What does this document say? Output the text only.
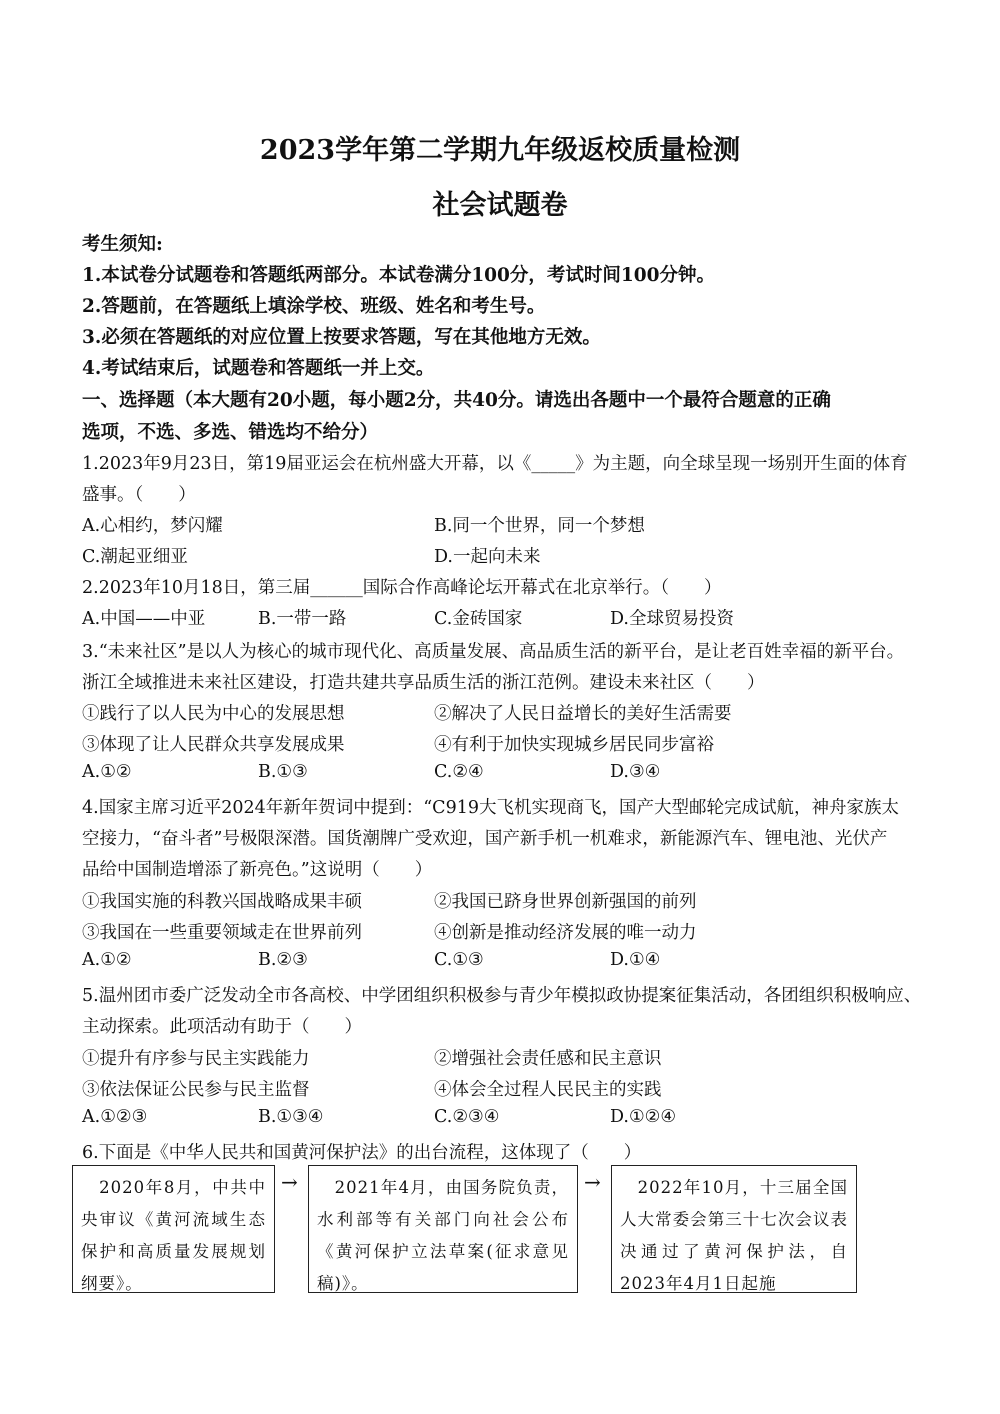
2023学年第二学期九年级返校质量检测
社会试题卷
考生须知:
1.本试卷分试题卷和答题纸两部分。本试卷满分100分，考试时间100分钟。
2.答题前，在答题纸上填涂学校、班级、姓名和考生号。
3.必须在答题纸的对应位置上按要求答题，写在其他地方无效。
4.考试结束后，试题卷和答题纸一并上交。
一、选择题（本大题有20小题，每小题2分，共40分。请选出各题中一个最符合题意的正确
选项，不选、多选、错选均不给分）
1.2023年9月23日，第19届亚运会在杭州盛大开幕，以《_____》为主题，向全球呈现一场别开生面的体育
盛事。（　　）
A.心相约，梦闪耀	B.同一个世界，同一个梦想
C.潮起亚细亚	D.一起向未来
2.2023年10月18日，第三届______国际合作高峰论坛开幕式在北京举行。（　　）
A.中国——中亚	B.一带一路	C.金砖国家	D.全球贸易投资
3.“未来社区”是以人为核心的城市现代化、高质量发展、高品质生活的新平台，是让老百姓幸福的新平台。
浙江全域推进未来社区建设，打造共建共享品质生活的浙江范例。建设未来社区（　　）
①践行了以人民为中心的发展思想	②解决了人民日益增长的美好生活需要
③体现了让人民群众共享发展成果	④有利于加快实现城乡居民同步富裕
A.①②	B.①③	C.②④	D.③④
4.国家主席习近平2024年新年贺词中提到：“C919大飞机实现商飞，国产大型邮轮完成试航，神舟家族太
空接力，“奋斗者”号极限深潜。国货潮牌广受欢迎，国产新手机一机难求，新能源汽车、锂电池、光伏产
品给中国制造增添了新亮色。”这说明（　　）
①我国实施的科教兴国战略成果丰硕	②我国已跻身世界创新强国的前列
③我国在一些重要领域走在世界前列	④创新是推动经济发展的唯一动力
A.①②	B.②③	C.①③	D.①④
5.温州团市委广泛发动全市各高校、中学团组织积极参与青少年模拟政协提案征集活动，各团组织积极响应、
主动探索。此项活动有助于（　　）
①提升有序参与民主实践能力	②增强社会责任感和民主意识
③依法保证公民参与民主监督	④体会全过程人民民主的实践
A.①②③	B.①③④	C.②③④	D.①②④
6.下面是《中华人民共和国黄河保护法》的出台流程，这体现了（　　）

　2020年8月，中共中央审议《黄河流域生态保护和高质量发展规划纲要》。

→ 　2021年4月，由国务院负责，水利部等有关部门向社会公布《黄河保护立法草案(征求意见稿)》。

→ 　2022年10月，十三届全国人大常委会第三十七次会议表决通过了黄河保护法，自2023年4月1日起施
